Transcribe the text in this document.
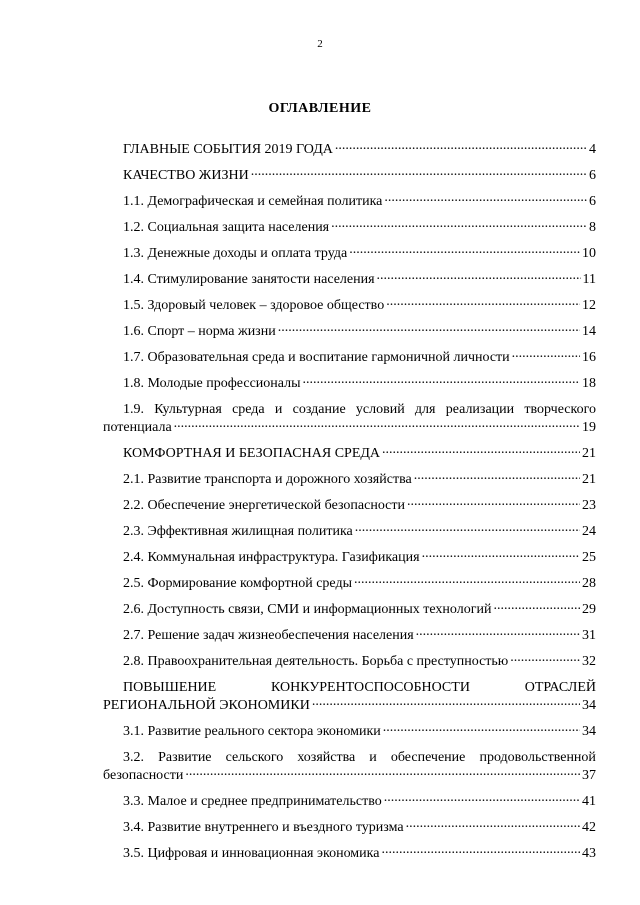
2
ОГЛАВЛЕНИЕ
ГЛАВНЫЕ СОБЫТИЯ 2019 ГОДА .....	4
КАЧЕСТВО ЖИЗНИ .....	6
1.1. Демографическая и семейная политика .....	6
1.2. Социальная защита населения .....	8
1.3. Денежные доходы и оплата труда .....	10
1.4. Стимулирование занятости населения .....	11
1.5. Здоровый человек – здоровое общество .....	12
1.6. Спорт – норма жизни .....	14
1.7. Образовательная среда и воспитание гармоничной личности .....	16
1.8. Молодые профессионалы .....	18
1.9. Культурная среда и создание условий для реализации творческого
потенциала .....	19
КОМФОРТНАЯ И БЕЗОПАСНАЯ СРЕДА .....	21
2.1. Развитие транспорта и дорожного хозяйства .....	21
2.2. Обеспечение энергетической безопасности .....	23
2.3. Эффективная жилищная политика .....	24
2.4. Коммунальная инфраструктура. Газификация .....	25
2.5. Формирование комфортной среды .....	28
2.6. Доступность связи, СМИ и информационных технологий .....	29
2.7. Решение задач жизнеобеспечения населения .....	31
2.8. Правоохранительная деятельность. Борьба с преступностью .....	32
ПОВЫШЕНИЕ	КОНКУРЕНТОСПОСОБНОСТИ	ОТРАСЛЕЙ
РЕГИОНАЛЬНОЙ ЭКОНОМИКИ .....	34
3.1. Развитие реального сектора экономики .....	34
3.2. Развитие сельского хозяйства и обеспечение продовольственной
безопасности .....	37
3.3. Малое и среднее предпринимательство .....	41
3.4. Развитие внутреннего и въездного туризма .....	42
3.5. Цифровая и инновационная экономика .....	43
